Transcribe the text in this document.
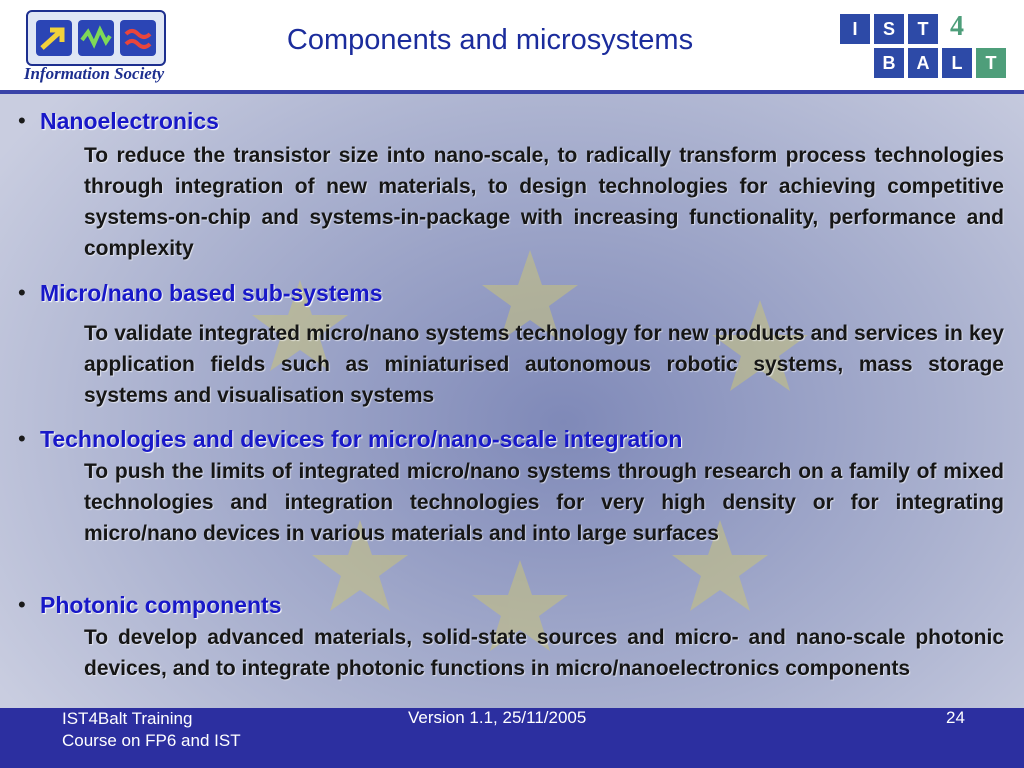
Information Society
Components and microsystems	I	S	T 4
B	A	L	T
• Nanoelectronics
To reduce the transistor size into nano-scale, to radically transform process technologies through integration of new materials, to design technologies for achieving competitive systems-on-chip and systems-in-package with increasing functionality, performance and complexity
• Micro/nano based sub-systems
To validate integrated micro/nano systems technology for new products and services in key application fields such as miniaturised autonomous robotic systems, mass storage systems and visualisation systems
• Technologies and devices for micro/nano-scale integration
To push the limits of integrated micro/nano systems through research on a family of mixed technologies and integration technologies for very high density or for integrating micro/nano devices in various materials and into large surfaces
• Photonic components
To develop advanced materials, solid-state sources and micro- and nano-scale photonic devices, and to integrate photonic functions in micro/nanoelectronics components
IST4Balt Training
Course on FP6 and IST
Version 1.1, 25/11/2005	24
